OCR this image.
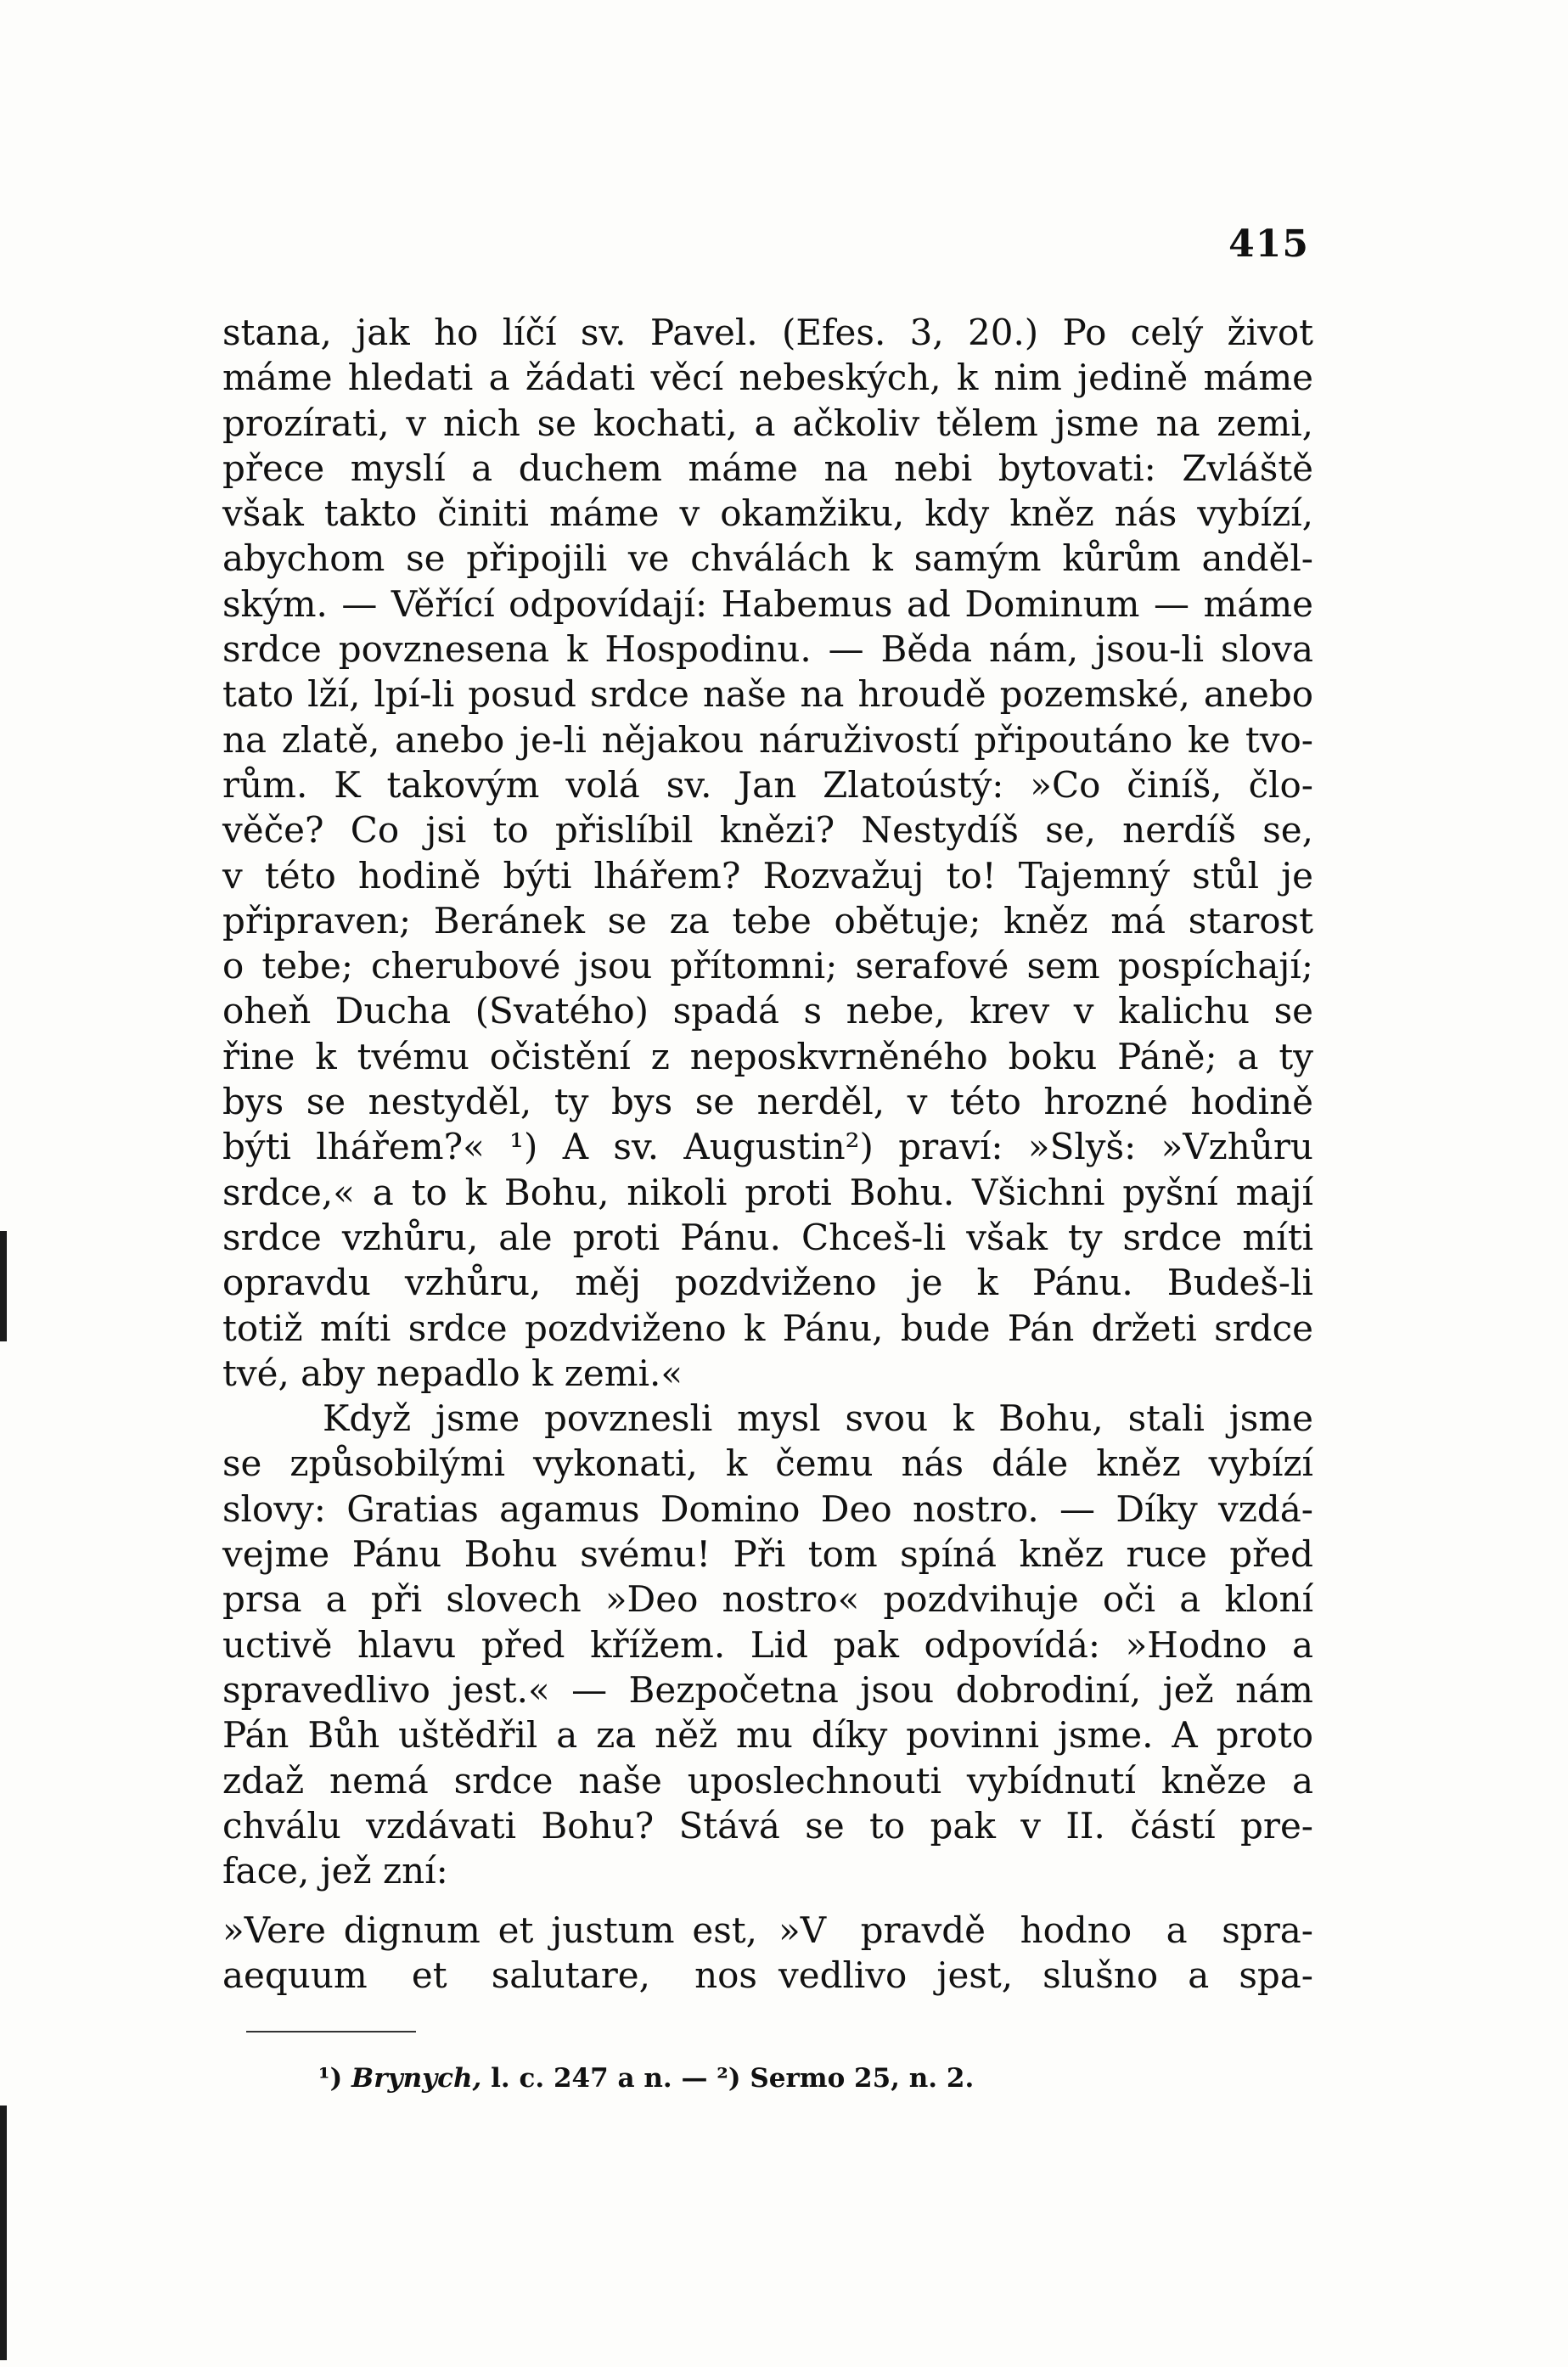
415
stana, jak ho líčí sv. Pavel. (Efes. 3, 20.) Po celý život
máme hledati a žádati věcí nebeských, k nim jedině máme
prozírati, v nich se kochati, a ačkoliv tělem jsme na zemi,
přece myslí a duchem máme na nebi bytovati: Zvláště
však takto činiti máme v okamžiku, kdy kněz nás vybízí,
abychom se připojili ve chválách k samým kůrům anděl-
ským. — Věřící odpovídají: Habemus ad Dominum — máme
srdce povznesena k Hospodinu. — Běda nám, jsou-li slova
tato lží, lpí-li posud srdce naše na hroudě pozemské, anebo
na zlatě, anebo je-li nějakou náruživostí připoutáno ke tvo-
rům. K takovým volá sv. Jan Zlatoústý: »Co činíš, člo-
věče? Co jsi to přislíbil knězi? Nestydíš se, nerdíš se,
v této hodině býti lhářem? Rozvažuj to! Tajemný stůl je
připraven; Beránek se za tebe obětuje; kněz má starost
o tebe; cherubové jsou přítomni; serafové sem pospíchají;
oheň Ducha (Svatého) spadá s nebe, krev v kalichu se
řine k tvému očistění z neposkvrněného boku Páně; a ty
bys se nestyděl, ty bys se nerděl, v této hrozné hodině
býti lhářem?« ¹) A sv. Augustin²) praví: »Slyš: »Vzhůru
srdce,« a to k Bohu, nikoli proti Bohu. Všichni pyšní mají
srdce vzhůru, ale proti Pánu. Chceš-li však ty srdce míti
opravdu vzhůru, měj pozdviženo je k Pánu. Budeš-li
totiž míti srdce pozdviženo k Pánu, bude Pán držeti srdce
tvé, aby nepadlo k zemi.«
Když jsme povznesli mysl svou k Bohu, stali jsme
se způsobilými vykonati, k čemu nás dále kněz vybízí
slovy: Gratias agamus Domino Deo nostro. — Díky vzdá-
vejme Pánu Bohu svému! Při tom spíná kněz ruce před
prsa a při slovech »Deo nostro« pozdvihuje oči a kloní
uctivě hlavu před křížem. Lid pak odpovídá: »Hodno a
spravedlivo jest.« — Bezpočetna jsou dobrodiní, jež nám
Pán Bůh uštědřil a za něž mu díky povinni jsme. A proto
zdaž nemá srdce naše uposlechnouti vybídnutí kněze a
chválu vzdávati Bohu? Stává se to pak v II. částí pre-
face, jež zní:
»Vere dignum et justum est,
aequum et salutare, nos
»V pravdě hodno a spra-
vedlivo jest, slušno a spa-
¹) Brynych, l. c. 247 a n. — ²) Sermo 25, n. 2.
